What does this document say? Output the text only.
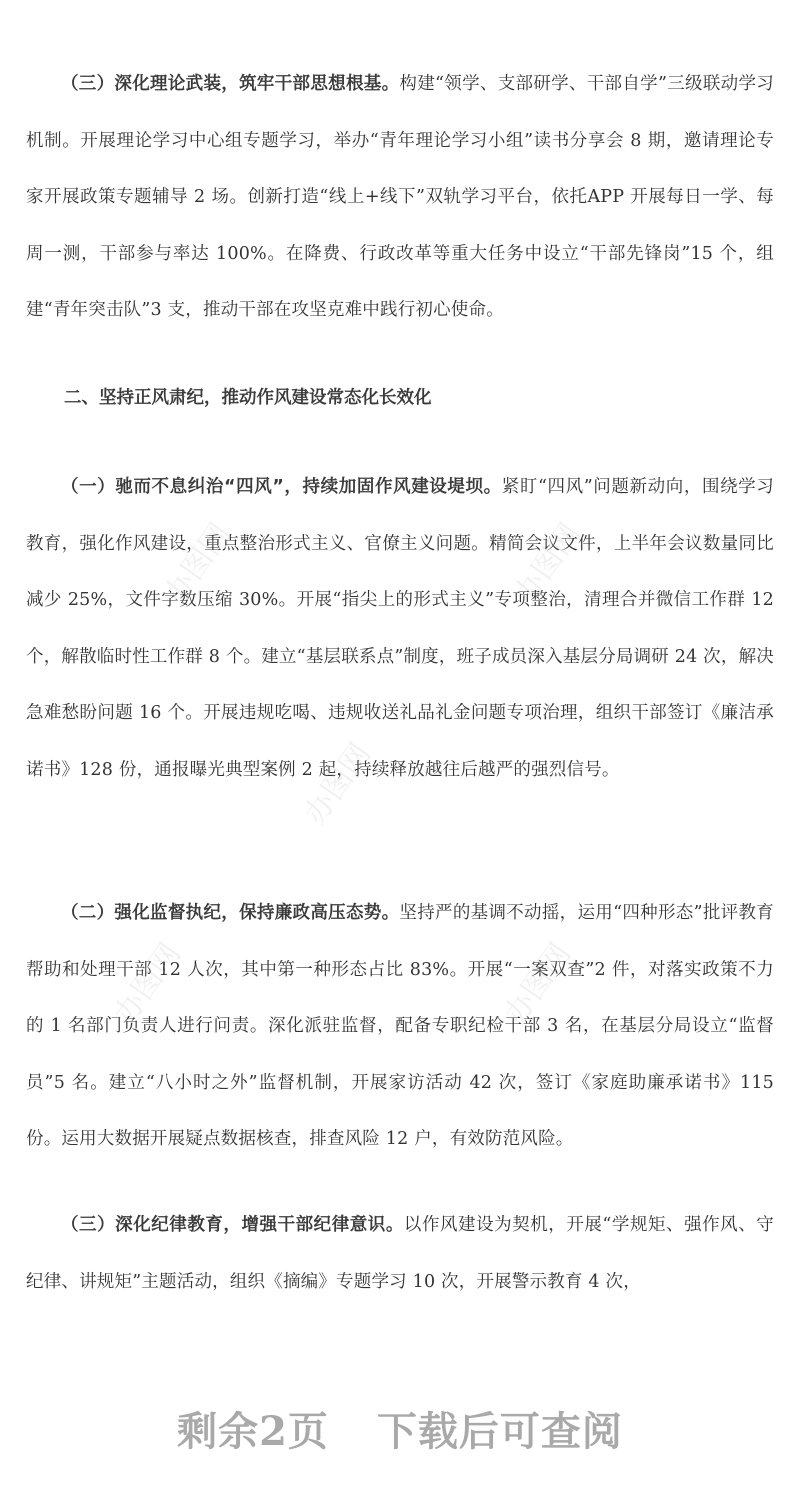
（三）深化理论武装，筑牢干部思想根基。构建“领学、支部研学、干部自学”三级联动学习机制。开展理论学习中心组专题学习，举办“青年理论学习小组”读书分享会 8 期，邀请理论专家开展政策专题辅导 2 场。创新打造“线上+线下”双轨学习平台，依托APP 开展每日一学、每周一测，干部参与率达 100%。在降费、行政改革等重大任务中设立“干部先锋岗”15 个，组建“青年突击队”3 支，推动干部在攻坚克难中践行初心使命。

二、坚持正风肃纪，推动作风建设常态化长效化

（一）驰而不息纠治“四风”，持续加固作风建设堤坝。紧盯“四风”问题新动向，围绕学习教育，强化作风建设，重点整治形式主义、官僚主义问题。精简会议文件，上半年会议数量同比减少 25%，文件字数压缩 30%。开展“指尖上的形式主义”专项整治，清理合并微信工作群 12 个，解散临时性工作群 8 个。建立“基层联系点”制度，班子成员深入基层分局调研 24 次，解决急难愁盼问题 16 个。开展违规吃喝、违规收送礼品礼金问题专项治理，组织干部签订《廉洁承诺书》128 份，通报曝光典型案例 2 起，持续释放越往后越严的强烈信号。

（二）强化监督执纪，保持廉政高压态势。坚持严的基调不动摇，运用“四种形态”批评教育帮助和处理干部 12 人次，其中第一种形态占比 83%。开展“一案双查”2 件，对落实政策不力的 1 名部门负责人进行问责。深化派驻监督，配备专职纪检干部 3 名，在基层分局设立“监督员”5 名。建立“八小时之外”监督机制，开展家访活动 42 次，签订《家庭助廉承诺书》115 份。运用大数据开展疑点数据核查，排查风险 12 户，有效防范风险。

（三）深化纪律教育，增强干部纪律意识。以作风建设为契机，开展“学规矩、强作风、守纪律、讲规矩”主题活动，组织《摘编》专题学习 10 次，开展警示教育 4 次，

办图网	办图网
办图网
办图网	办图网
剩余2页 下载后可查阅
